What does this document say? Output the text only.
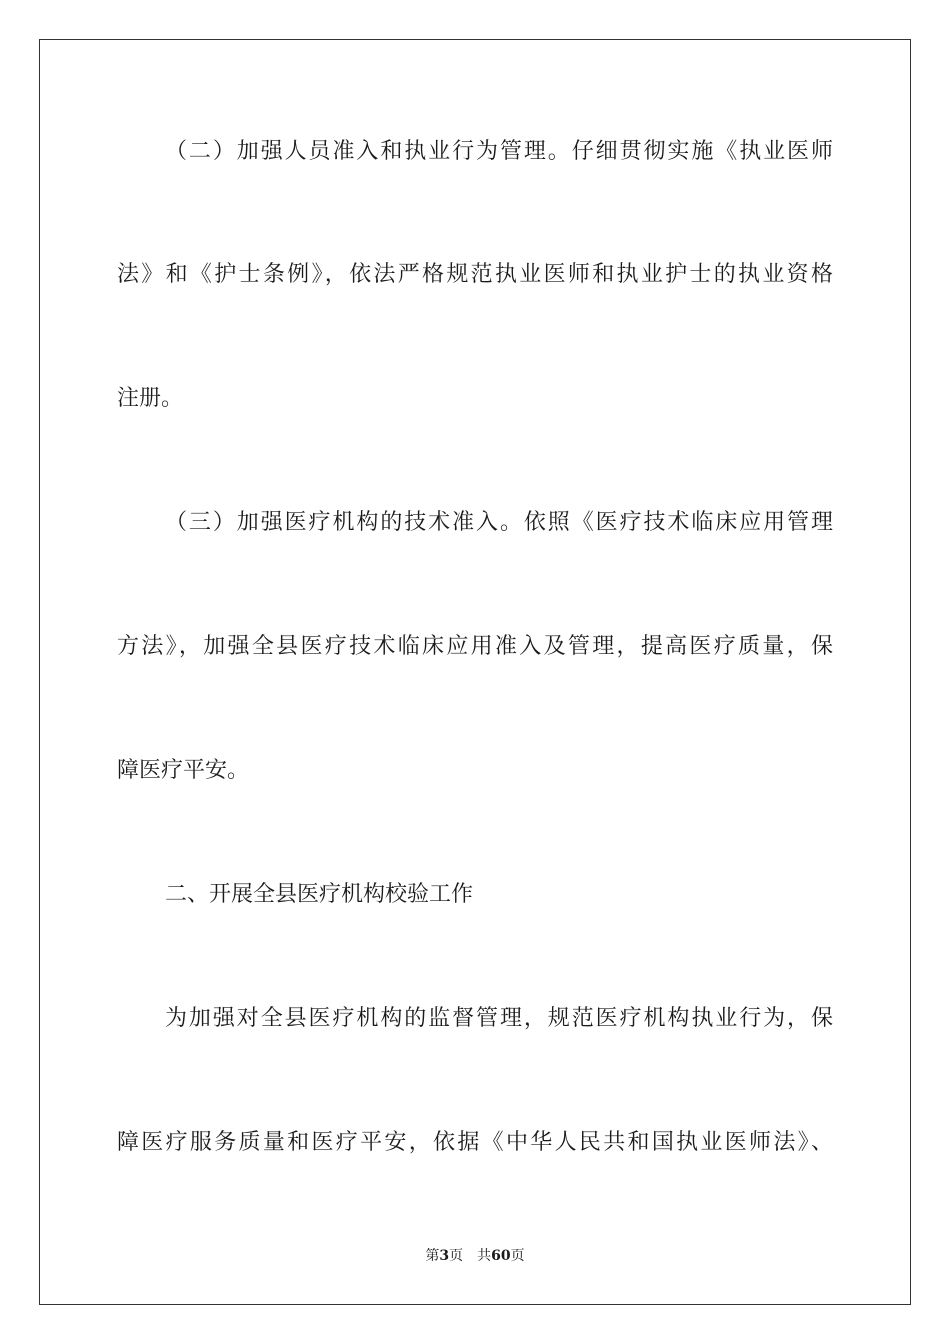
（二）加强人员准入和执业行为管理。仔细贯彻实施《执业医师
法》和《护士条例》，依法严格规范执业医师和执业护士的执业资格
注册。
（三）加强医疗机构的技术准入。依照《医疗技术临床应用管理
方法》，加强全县医疗技术临床应用准入及管理，提高医疗质量，保
障医疗平安。
二、开展全县医疗机构校验工作
为加强对全县医疗机构的监督管理，规范医疗机构执业行为，保
障医疗服务质量和医疗平安，依据《中华人民共和国执业医师法》、
第3页 共60页
